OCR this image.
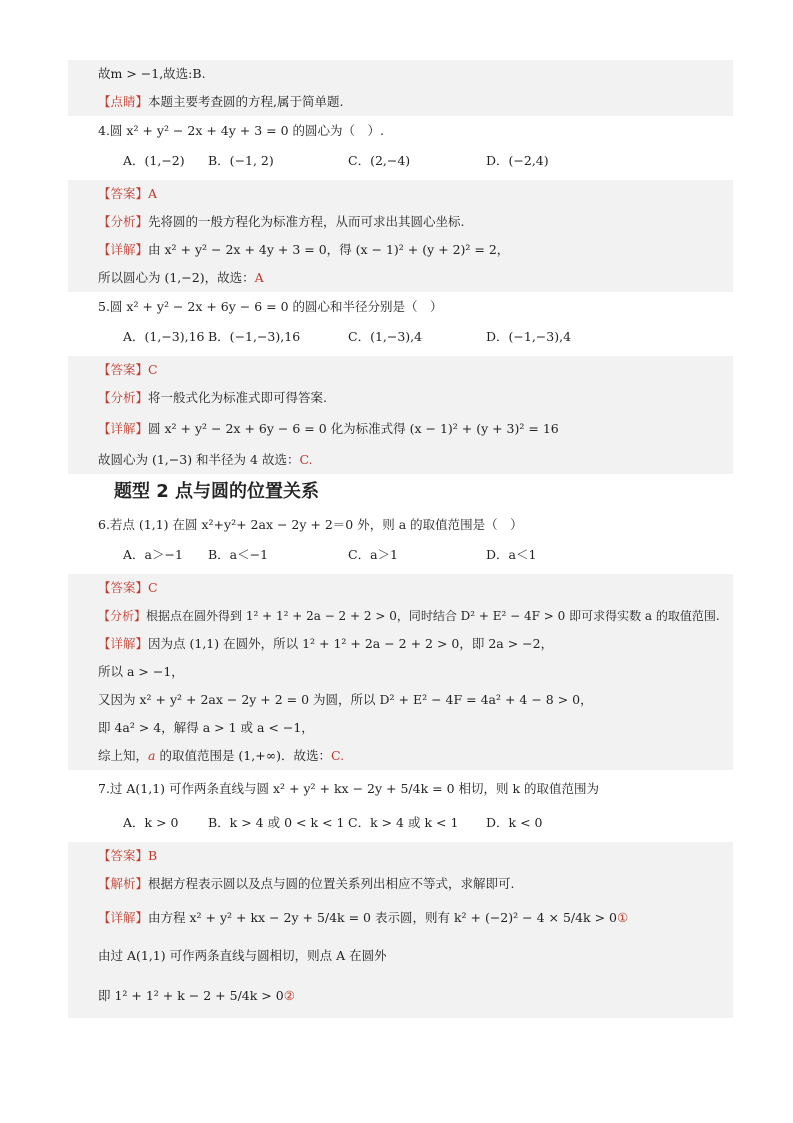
故m > −1,故选:B.
【点睛】本题主要考查圆的方程,属于简单题.
4.圆 x² + y² − 2x + 4y + 3 = 0 的圆心为（　）.
A．(1,−2) B．(−1, 2)	C．(2,−4)	D．(−2,4)
【答案】A
【分析】先将圆的一般方程化为标准方程，从而可求出其圆心坐标.
【详解】由 x² + y² − 2x + 4y + 3 = 0，得 (x − 1)² + (y + 2)² = 2，
所以圆心为 (1,−2)，故选：A
5.圆 x² + y² − 2x + 6y − 6 = 0 的圆心和半径分别是（　）
A．(1,−3),16 B．(−1,−3),16	C．(1,−3),4	D．(−1,−3),4
【答案】C
【分析】将一般式化为标准式即可得答案.
【详解】圆 x² + y² − 2x + 6y − 6 = 0 化为标准式得 (x − 1)² + (y + 3)² = 16
故圆心为 (1,−3) 和半径为 4 故选：C.
题型 2 点与圆的位置关系
6.若点 (1,1) 在圆 x²+y²+ 2ax − 2y + 2＝0 外，则 a 的取值范围是（　）
A．a＞−1 B．a＜−1	C．a＞1	D．a＜1
【答案】C
【分析】根据点在圆外得到 1² + 1² + 2a − 2 + 2 > 0，同时结合 D² + E² − 4F > 0 即可求得实数 a 的取值范围.
【详解】因为点 (1,1) 在圆外，所以 1² + 1² + 2a − 2 + 2 > 0，即 2a > −2，
所以 a > −1，
又因为 x² + y² + 2ax − 2y + 2 = 0 为圆，所以 D² + E² − 4F = 4a² + 4 − 8 > 0，
即 4a² > 4，解得 a > 1 或 a < −1，
综上知，a 的取值范围是 (1,+∞)．故选：C.
7.过 A(1,1) 可作两条直线与圆 x² + y² + kx − 2y + 5/4k = 0 相切，则 k 的取值范围为
A．k > 0 B．k > 4 或 0 < k < 1 C．k > 4 或 k < 1 D．k < 0
【答案】B
【解析】根据方程表示圆以及点与圆的位置关系列出相应不等式，求解即可.
【详解】由方程 x² + y² + kx − 2y + 5/4k = 0 表示圆，则有 k² + (−2)² − 4 × 5/4k > 0①
由过 A(1,1) 可作两条直线与圆相切，则点 A 在圆外
即 1² + 1² + k − 2 + 5/4k > 0②
